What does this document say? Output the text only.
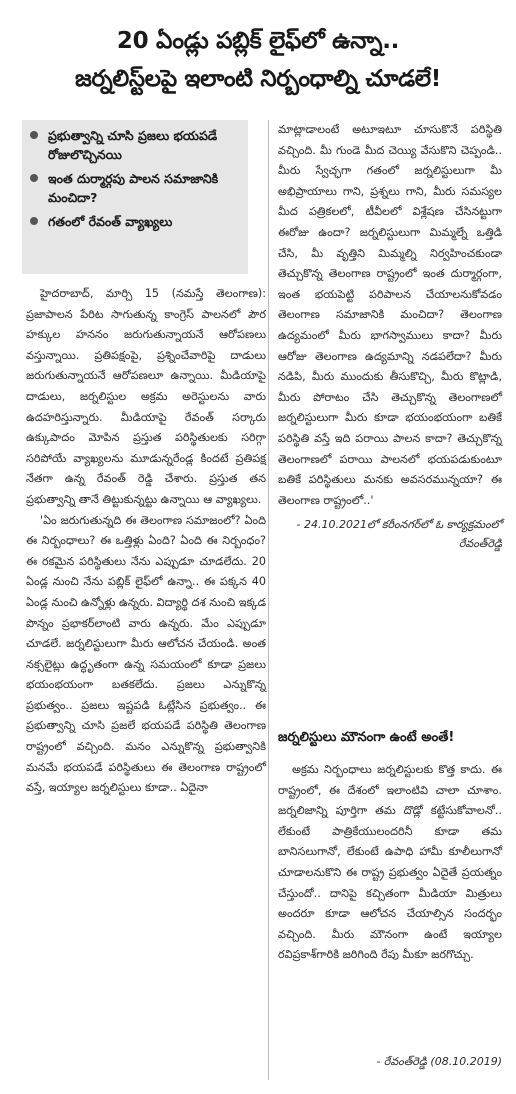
20 ఏండ్లు పబ్లిక్ లైఫ్‌లో ఉన్నా..
జర్నలిస్ట్‌లపై ఇలాంటి నిర్బంధాల్ని చూడలే!
ప్రభుత్వాన్ని చూసి ప్రజలు భయపడే రోజులొచ్చినయి
ఇంత దుర్మార్గపు పాలన సమాజానికి మంచిదా?
గతంలో రేవంత్ వ్యాఖ్యలు

హైదరాబాద్, మార్చి 15 (నమస్తే తెలంగాణ): ప్రజాపాలన పేరిట సాగుతున్న కాంగ్రెస్ పాలనలో పౌర హక్కుల హననం జరుగుతున్నాయనే ఆరోపణలు వస్తున్నాయి. ప్రతిపక్షంపై, ప్రశ్నించేవారిపై దాడులు జరుగుతున్నాయనే ఆరోపణలూ ఉన్నాయి. మీడియాపై దాడులు, జర్నలిస్టుల అక్రమ అరెస్టులను వారు ఉదహరిస్తున్నారు. మీడియాపై రేవంత్ సర్కారు ఉక్కుపాదం మోపిన ప్రస్తుత పరిస్థితులకు సరిగ్గా సరిపోయే వ్యాఖ్యలను మూడున్నరేండ్ల కిందటే ప్రతిపక్ష నేతగా ఉన్న రేవంత్ రెడ్డి చేశారు. ప్రస్తుత తన ప్రభుత్వాన్ని తానే తిట్టుకున్నట్టు ఉన్నాయి ఆ వ్యాఖ్యలు.

'ఏం జరుగుతున్నది ఈ తెలంగాణ సమాజంలో? ఏంది ఈ నిర్బంధాలు? ఈ ఒత్తిళ్లు ఏంది? ఏంది ఈ నిర్బంధం? ఈ రకమైన పరిస్థితులు నేను ఎప్పుడూ చూడలేదు. 20 ఏండ్ల నుంచి నేను పబ్లిక్ లైఫ్‌లో ఉన్నా.. ఈ పక్కన 40 ఏండ్ల నుంచి ఉన్నోళ్లు ఉన్నరు. విద్యార్థి దశ నుంచి ఇక్కడ పొన్నం ప్రభాకర్‌లాంటి వారు ఉన్నరు. మేం ఎప్పుడూ చూడలే. జర్నలిస్టులుగా మీరు ఆలోచన చేయండి. అంత నక్సలైట్లు ఉద్ధృతంగా ఉన్న సమయంలో కూడా ప్రజలు భయంభయంగా బతకలేదు. ప్రజలు ఎన్నుకొన్న ప్రభుత్వం.. ప్రజలు ఇష్టపడి ఓట్లేసిన ప్రభుత్వం.. ఈ ప్రభుత్వాన్ని చూసి ప్రజలే భయపడే పరిస్థితి తెలంగాణ రాష్ట్రంలో వచ్చింది. మనం ఎన్నుకొన్న ప్రభుత్వానికి మనమే భయపడే పరిస్థితులు ఈ తెలంగాణ రాష్ట్రంలో వస్తే, ఇయ్యాల జర్నలిస్టులు కూడా.. ఏదైనా

మాట్లాడాలంటే అటూఇటూ చూసుకొనే పరిస్థితి వచ్చింది. మీ గుండె మీద చెయ్యి వేసుకొని చెప్పండి.. మీరు స్వేచ్ఛగా గతంలో జర్నలిస్టులుగా మీ అభిప్రాయాలు గాని, ప్రశ్నలు గాని, మీరు సమస్యల మీద పత్రికలలో, టీవీలలో విశ్లేషణ చేసినట్టుగా ఈరోజు ఉందా? జర్నలిస్టులుగా మిమ్మల్నే ఒత్తిడి చేసి, మీ వృత్తిని మిమ్మల్ని నిర్వహించకుండా తెచ్చుకొన్న తెలంగాణ రాష్ట్రంలో ఇంత దుర్మార్గంగా, ఇంత భయపెట్టి పరిపాలన చేయాలనుకోవడం తెలంగాణ సమాజానికి మంచిదా? తెలంగాణ ఉద్యమంలో మీరు భాగస్వాములు కాదా? మీరు ఆరోజు తెలంగాణ ఉద్యమాన్ని నడపలేదా? మీరు నడిపి, మీరు ముందుకు తీసుకొచ్చి, మీరు కొట్లాడి, మీరు పోరాటం చేసి తెచ్చుకొన్న తెలంగాణలో జర్నలిస్టులుగా మీరు కూడా భయంభయంగా బతికే పరిస్థితి వస్తే ఇది పరాయి పాలన కాదా? తెచ్చుకొన్న తెలంగాణలో పరాయి పాలనలో భయపడుకుంటూ బతికే పరిస్థితులు మనకు అవసరమున్నయా? ఈ తెలంగాణ రాష్ట్రంలో..'

- 24.10.2021లో కరీంనగర్‌లో ఓ కార్యక్రమంలో రేవంత్‌రెడ్డి
జర్నలిస్టులు మౌనంగా ఉంటే అంతే!

అక్రమ నిర్బంధాలు జర్నలిస్టులకు కొత్త కాదు. ఈ రాష్ట్రంలో, ఈ దేశంలో ఇలాంటివి చాలా చూశాం. జర్నలిజాన్ని పూర్తిగా తమ దొడ్లో కట్టేసుకోవాలనో.. లేకుంటే పాత్రికేయులందరినీ కూడా తమ బానిసలుగానో, లేకుంటే ఉపాధి హామీ కూలీలుగానో చూడాలనుకొని ఈ రాష్ట్ర ప్రభుత్వం ఏదైతే ప్రయత్నం చేస్తుందో.. దానిపై కచ్చితంగా మీడియా మిత్రులు అందరూ కూడా ఆలోచన చేయాల్సిన సందర్భం వచ్చింది. మీరు మౌనంగా ఉంటే ఇయ్యాల రవిప్రకాశ్‌గారికి జరిగింది రేపు మీకూ జరగొచ్చు.

- రేవంత్‌రెడ్డి (08.10.2019)
